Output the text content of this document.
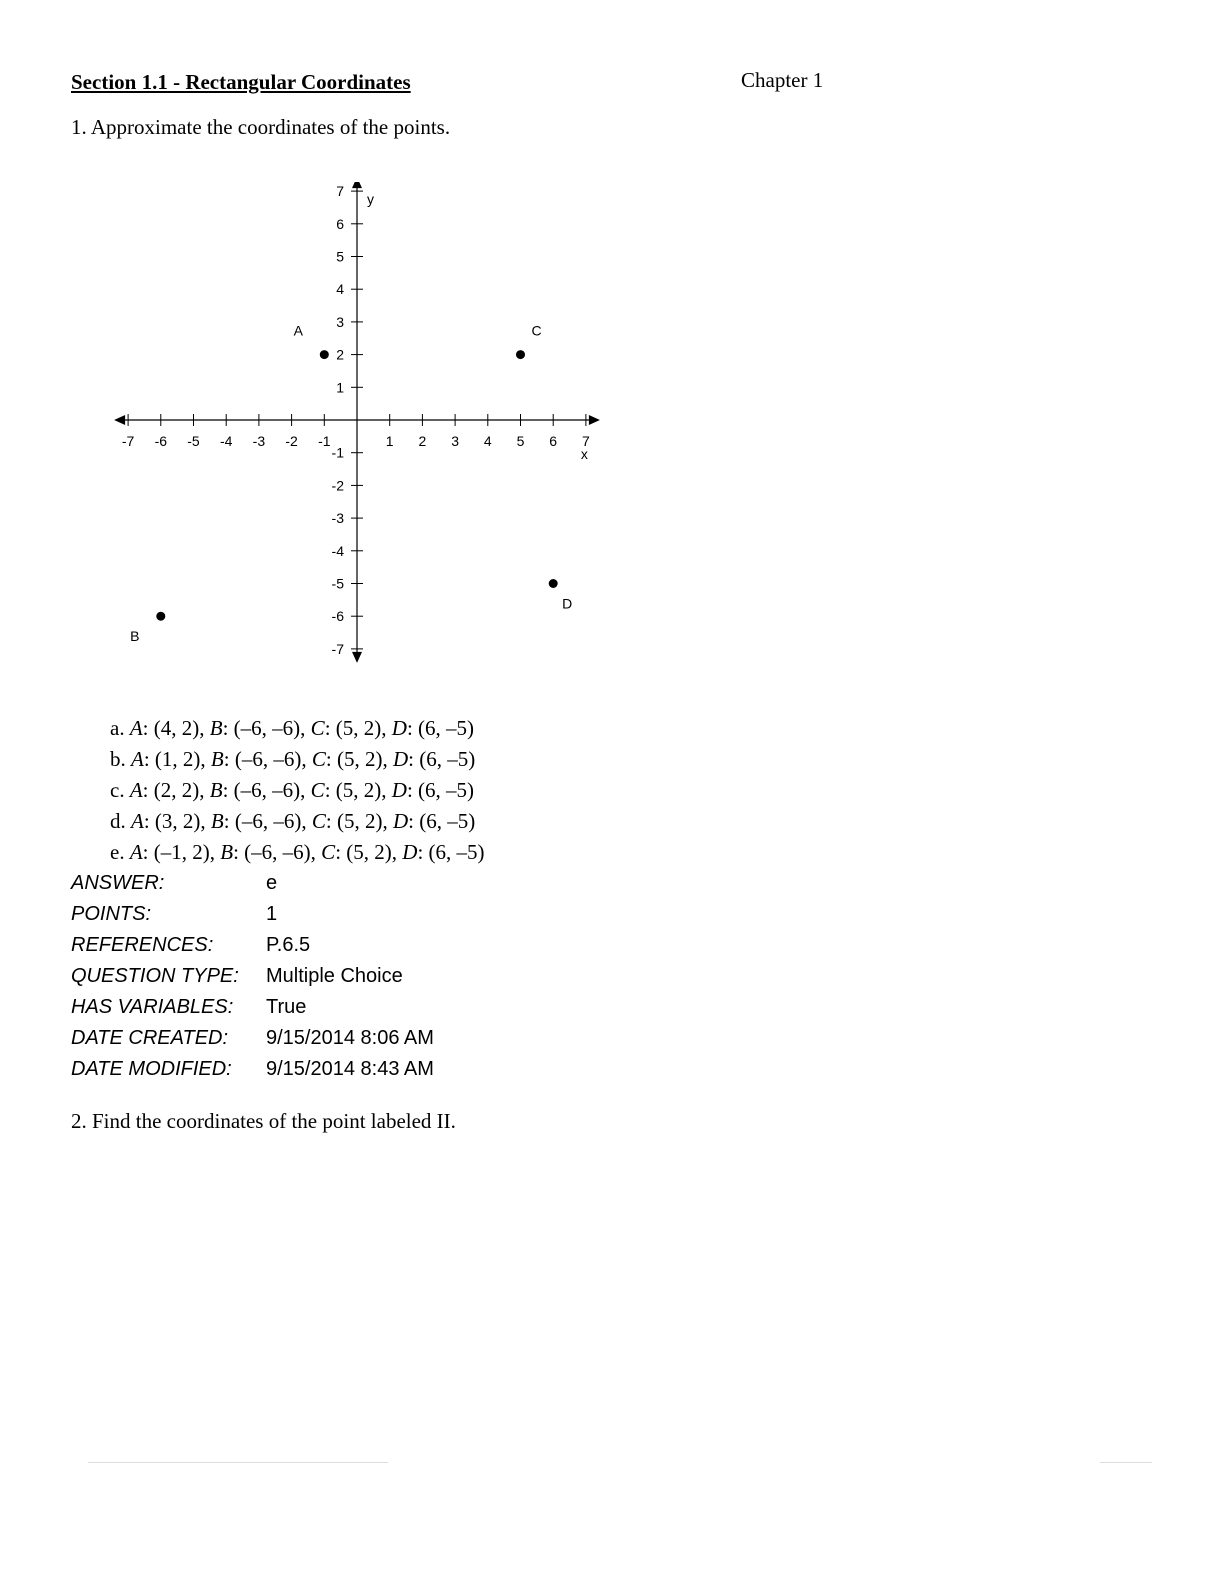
Section 1.1 - Rectangular Coordinates	Chapter 1
1. Approximate the coordinates of the points.
-7 -6 -5 -4 -3 -2 -1	1 2 3 4 5 6 7
-7
-6
-5
-4
-3
-2
-1
1
2
3
4
5
6
7
x
y
A
B
C
D
a. A: (4, 2), B: (–6, –6), C: (5, 2), D: (6, –5)
b. A: (1, 2), B: (–6, –6), C: (5, 2), D: (6, –5)
c. A: (2, 2), B: (–6, –6), C: (5, 2), D: (6, –5)
d. A: (3, 2), B: (–6, –6), C: (5, 2), D: (6, –5)
e. A: (–1, 2), B: (–6, –6), C: (5, 2), D: (6, –5)
ANSWER:	e
POINTS:	1
REFERENCES:	P.6.5
QUESTION TYPE: Multiple Choice
HAS VARIABLES: True
DATE CREATED: 9/15/2014 8:06 AM
DATE MODIFIED: 9/15/2014 8:43 AM
2. Find the coordinates of the point labeled II.
